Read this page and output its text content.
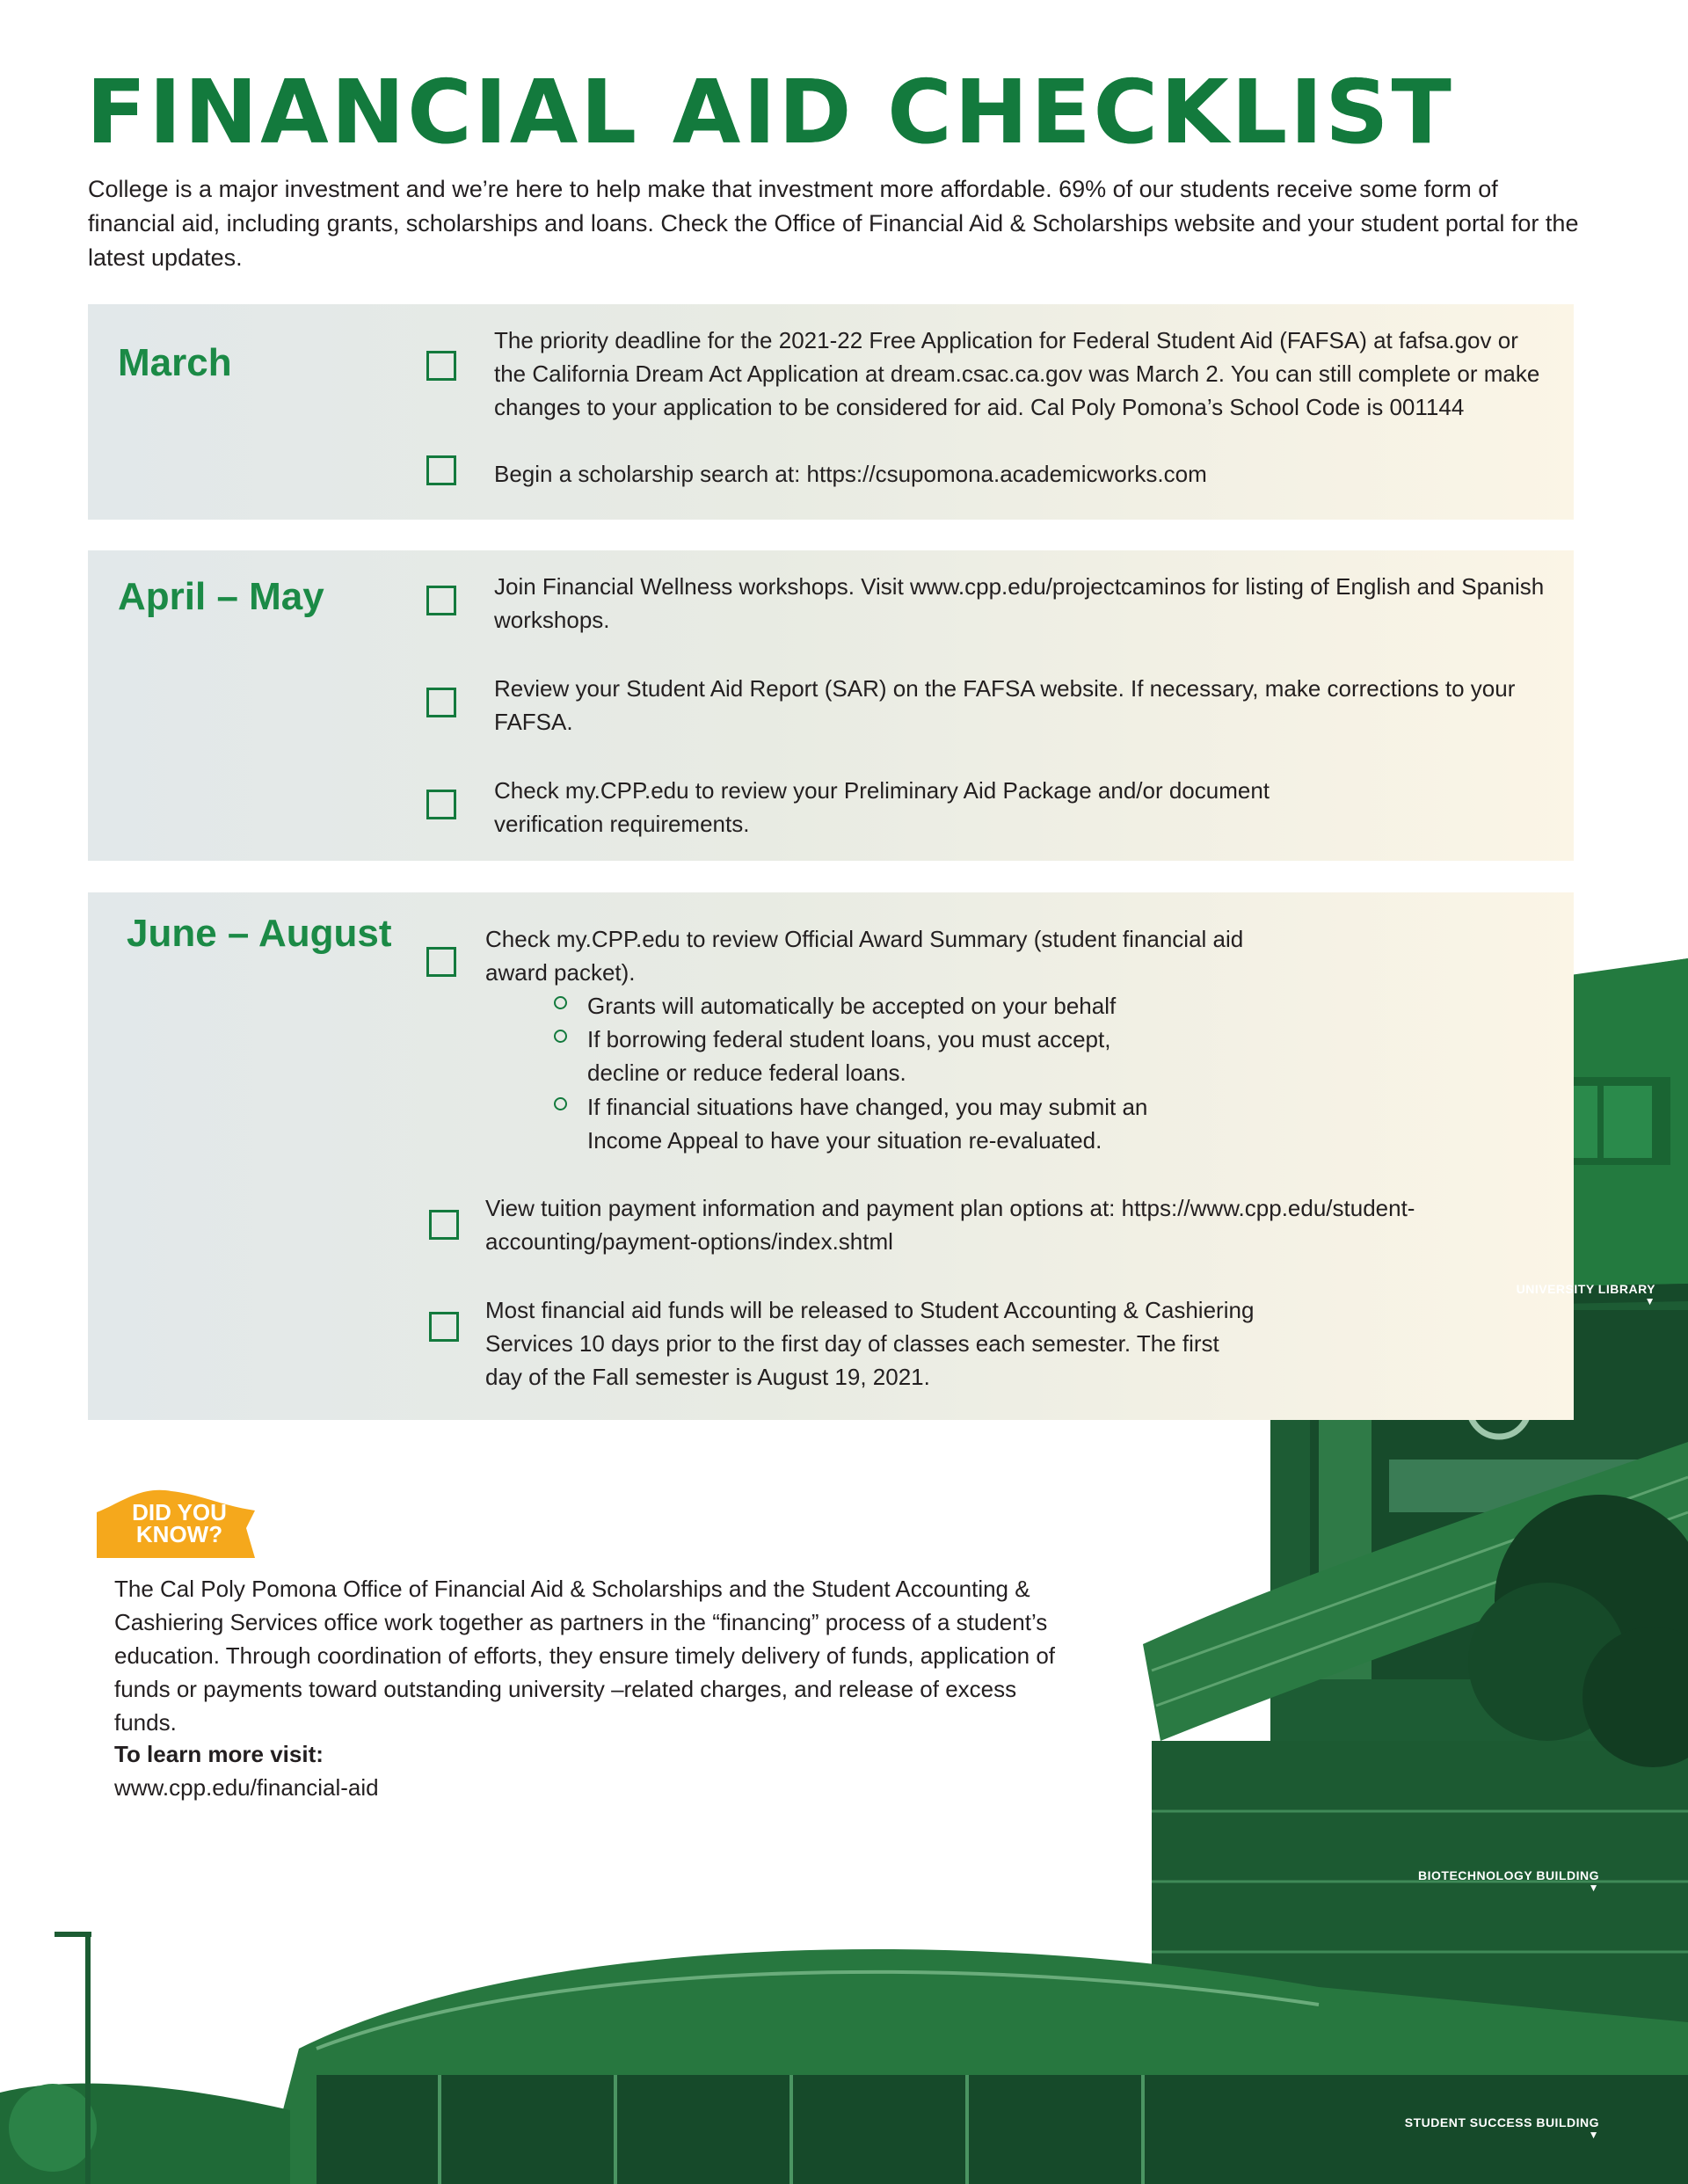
FINANCIAL AID CHECKLIST

College is a major investment and we’re here to help make that investment more affordable. 69% of our students receive some form of financial aid, including grants, scholarships and loans. Check the Office of Financial Aid & Scholarships website and your student portal for the latest updates.

March

The priority deadline for the 2021-22 Free Application for Federal Student Aid (FAFSA) at fafsa.gov or the California Dream Act Application at dream.csac.ca.gov was March 2. You can still complete or make changes to your application to be considered for aid. Cal Poly Pomona’s School Code is 001144

Begin a scholarship search at: https://csupomona.academicworks.com

April – May	Join Financial Wellness workshops. Visit www.cpp.edu/projectcaminos for listing of English and Spanish workshops.

Review your Student Aid Report (SAR) on the FAFSA website. If necessary, make corrections to your FAFSA.

Check my.CPP.edu to review your Preliminary Aid Package and/or document verification requirements.

June – August	Check my.CPP.edu to review Official Award Summary (student financial aid award packet).

Grants will automatically be accepted on your behalf

If borrowing federal student loans, you must accept, decline or reduce federal loans.

If financial situations have changed, you may submit an Income Appeal to have your situation re-evaluated.

View tuition payment information and payment plan options at: https://www.cpp.edu/student-accounting/payment-options/index.shtml

Most financial aid funds will be released to Student Accounting & Cashiering Services 10 days prior to the first day of classes each semester. The first day of the Fall semester is August 19, 2021.

DID YOU KNOW?

The Cal Poly Pomona Office of Financial Aid & Scholarships and the Student Accounting & Cashiering Services office work together as partners in the “financing” process of a student’s education. Through coordination of efforts, they ensure timely delivery of funds, application of funds or payments toward outstanding university –related charges, and release of excess funds.

To learn more visit:

www.cpp.edu/financial-aid

UNIVERSITY LIBRARY
▼
BIOTECHNOLOGY BUILDING
▼
STUDENT SUCCESS BUILDING
▼
